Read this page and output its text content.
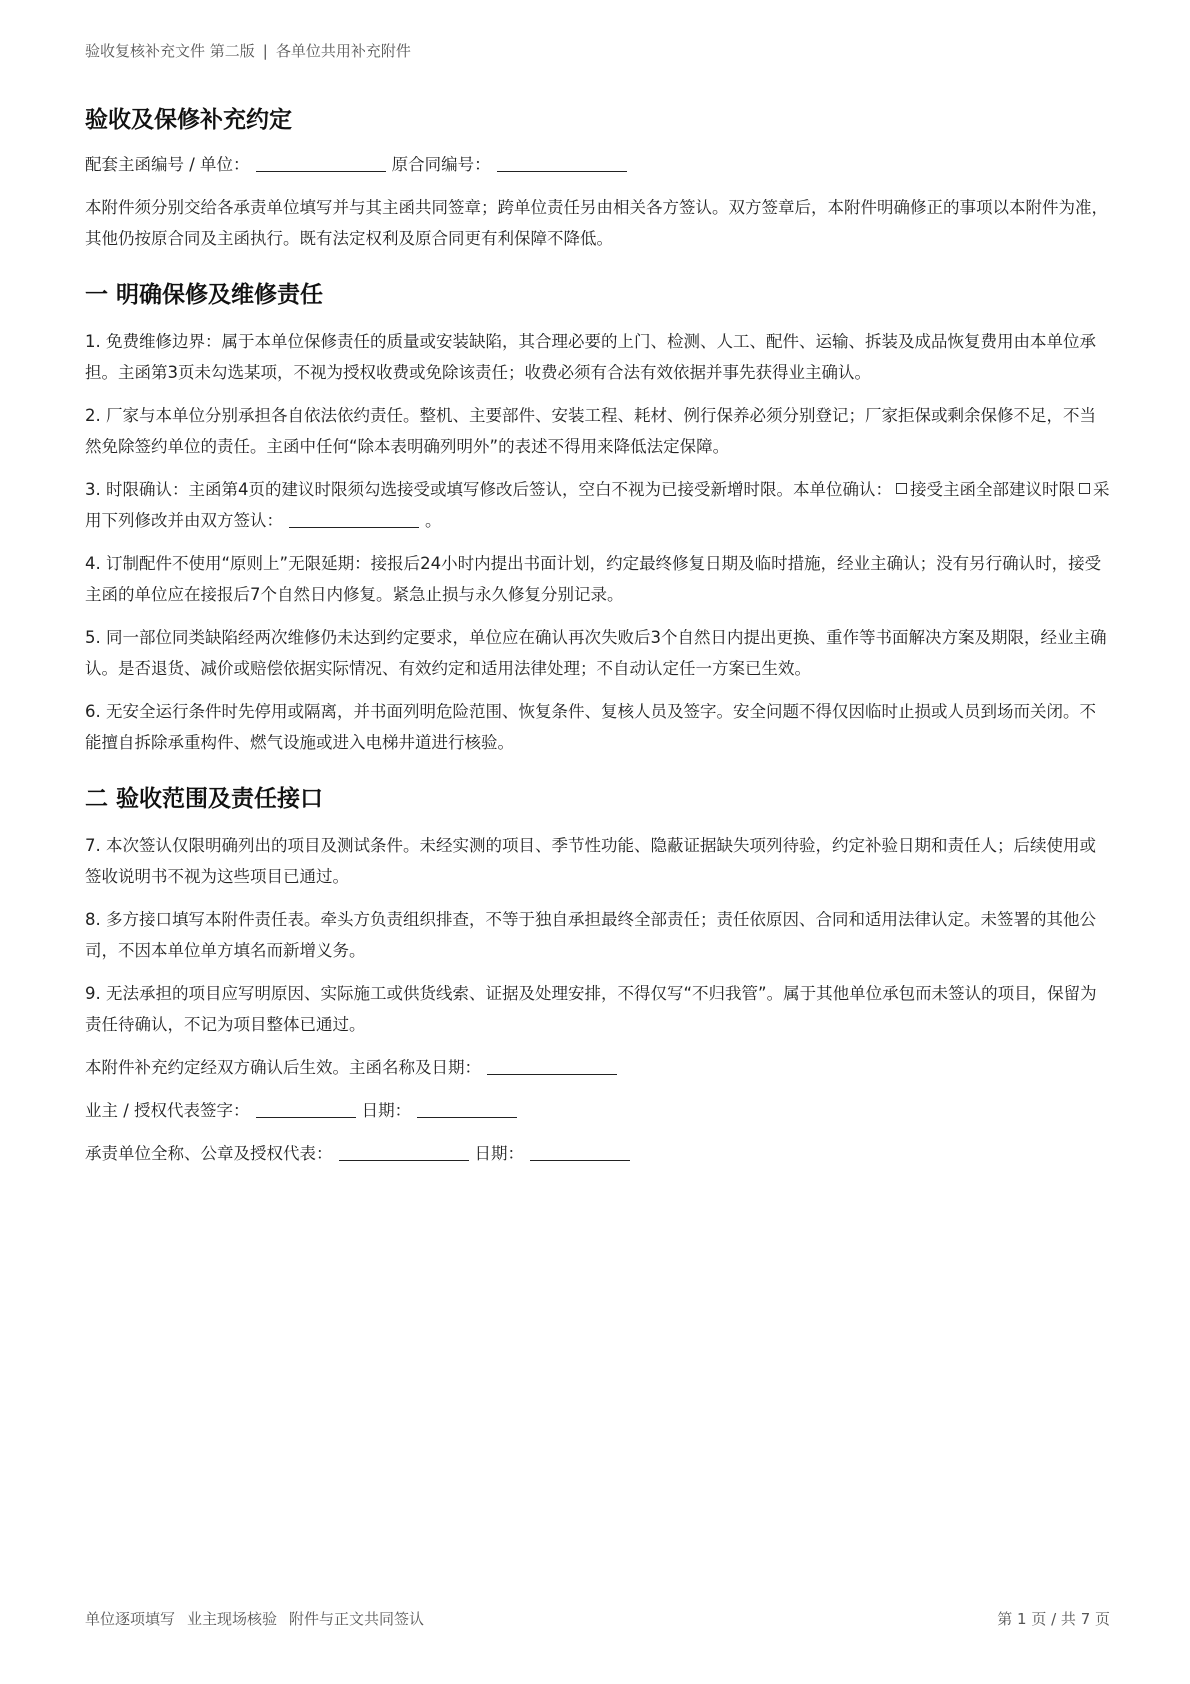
验收复核补充文件 第二版 | 各单位共用补充附件
验收及保修补充约定

配套主函编号 / 单位：	原合同编号：

本附件须分别交给各承责单位填写并与其主函共同签章；跨单位责任另由相关各方签认。双方签章后，本附件明确修正的事项以本附件为准，其他仍按原合同及主函执行。既有法定权利及原合同更有利保障不降低。

一 明确保修及维修责任

1. 免费维修边界：属于本单位保修责任的质量或安装缺陷，其合理必要的上门、检测、人工、配件、运输、拆装及成品恢复费用由本单位承担。主函第3页未勾选某项，不视为授权收费或免除该责任；收费必须有合法有效依据并事先获得业主确认。

2. 厂家与本单位分别承担各自依法依约责任。整机、主要部件、安装工程、耗材、例行保养必须分别登记；厂家拒保或剩余保修不足，不当然免除签约单位的责任。主函中任何“除本表明确列明外”的表述不得用来降低法定保障。

3. 时限确认：主函第4页的建议时限须勾选接受或填写修改后签认，空白不视为已接受新增时限。本单位确认： 接受主函全部建议时限 采用下列修改并由双方签认：	。

4. 订制配件不使用“原则上”无限延期：接报后24小时内提出书面计划，约定最终修复日期及临时措施，经业主确认；没有另行确认时，接受主函的单位应在接报后7个自然日内修复。紧急止损与永久修复分别记录。

5. 同一部位同类缺陷经两次维修仍未达到约定要求，单位应在确认再次失败后3个自然日内提出更换、重作等书面解决方案及期限，经业主确认。是否退货、减价或赔偿依据实际情况、有效约定和适用法律处理；不自动认定任一方案已生效。

6. 无安全运行条件时先停用或隔离，并书面列明危险范围、恢复条件、复核人员及签字。安全问题不得仅因临时止损或人员到场而关闭。不能擅自拆除承重构件、燃气设施或进入电梯井道进行核验。

二 验收范围及责任接口

7. 本次签认仅限明确列出的项目及测试条件。未经实测的项目、季节性功能、隐蔽证据缺失项列待验，约定补验日期和责任人；后续使用或签收说明书不视为这些项目已通过。

8. 多方接口填写本附件责任表。牵头方负责组织排查，不等于独自承担最终全部责任；责任依原因、合同和适用法律认定。未签署的其他公司，不因本单位单方填名而新增义务。

9. 无法承担的项目应写明原因、实际施工或供货线索、证据及处理安排，不得仅写“不归我管”。属于其他单位承包而未签认的项目，保留为责任待确认，不记为项目整体已通过。

本附件补充约定经双方确认后生效。主函名称及日期：

业主 / 授权代表签字：	日期：

承责单位全称、公章及授权代表：	日期：

单位逐项填写 业主现场核验 附件与正文共同签认	第 1 页 / 共 7 页
